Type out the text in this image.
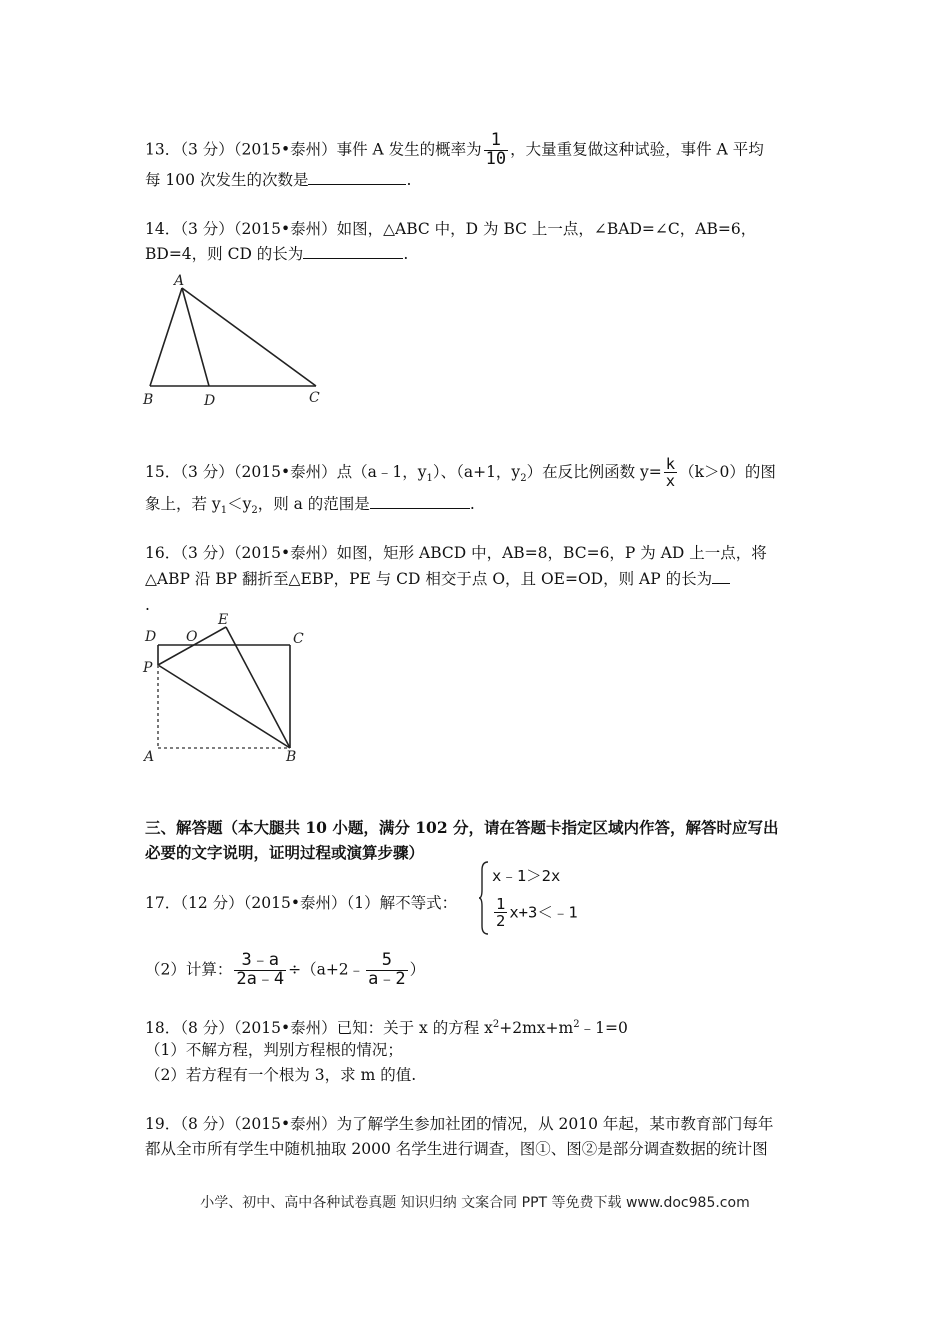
13．（3 分）（2015•泰州）事件 A 发生的概率为 $\frac{1}{10}$ ，大量重复做这种试验，事件 A 平均
每 100 次发生的次数是	.
14．（3 分）（2015•泰州）如图，△ABC 中，D 为 BC 上一点，∠BAD=∠C，AB=6，
BD=4，则 CD 的长为	.
A
B	D	C
15．（3 分）（2015•泰州）点（a﹣1，$y_1$）、（a+1，$y_2$）在反比例函数 $y= \frac{k}{x} (k>0)$的图
象上，若 $y_1<y_2$，则 a 的范围是	.
16．（3 分）（2015•泰州）如图，矩形 ABCD 中，AB=8，BC=6，P 为 AD 上一点，将
△ABP 沿 BP 翻折至△EBP，PE 与 CD 相交于点 O，且 OE=OD，则 AP 的长为
.
D O
E
C
P
A	B
三、解答题（本大腿共 10 小题，满分 102 分，请在答题卡指定区域内作答，解答时应写出
必要的文字说明，证明过程或演算步骤）
17．（12 分）（2015•泰州）（1）解不等式：
x﹣1＞2x
$\frac{1}{2}$ x+3＜﹣1
（2）计算： $\frac{3﹣a}{2a﹣4}$ ÷（a+2﹣ $\frac{5}{a﹣2}$ ）
18．（8 分）（2015•泰州）已知：关于 x 的方程 $x^2+2mx+m^2﹣1=0$
（1）不解方程，判别方程根的情况；
（2）若方程有一个根为 3，求 m 的值.
19．（8 分）（2015•泰州）为了解学生参加社团的情况，从 2010 年起，某市教育部门每年
都从全市所有学生中随机抽取 2000 名学生进行调查，图①、图②是部分调查数据的统计图
小学、初中、高中各种试卷真题 知识归纳 文案合同 PPT 等免费下载 www.doc985.com
